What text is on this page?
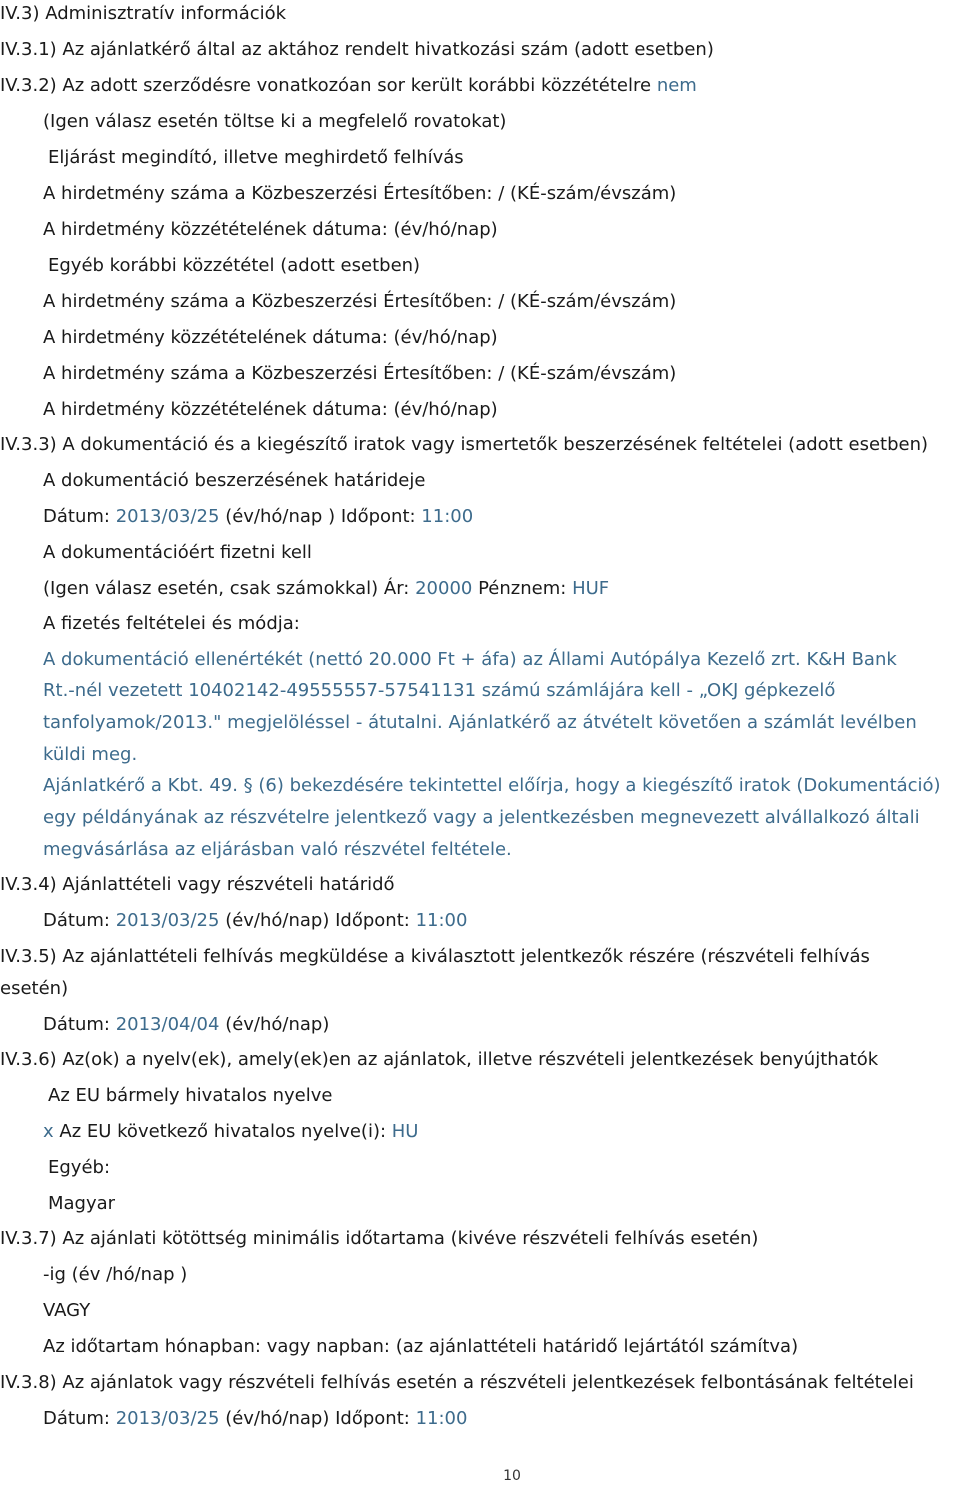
IV.3) Adminisztratív információk
IV.3.1) Az ajánlatkérő által az aktához rendelt hivatkozási szám (adott esetben)
IV.3.2) Az adott szerződésre vonatkozóan sor került korábbi közzétételre nem
(Igen válasz esetén töltse ki a megfelelő rovatokat)
Eljárást megindító, illetve meghirdető felhívás
A hirdetmény száma a Közbeszerzési Értesítőben: / (KÉ-szám/évszám)
A hirdetmény közzétételének dátuma: (év/hó/nap)
Egyéb korábbi közzététel (adott esetben)
A hirdetmény száma a Közbeszerzési Értesítőben: / (KÉ-szám/évszám)
A hirdetmény közzétételének dátuma: (év/hó/nap)
A hirdetmény száma a Közbeszerzési Értesítőben: / (KÉ-szám/évszám)
A hirdetmény közzétételének dátuma: (év/hó/nap)
IV.3.3) A dokumentáció és a kiegészítő iratok vagy ismertetők beszerzésének feltételei (adott esetben)
A dokumentáció beszerzésének határideje
Dátum: 2013/03/25 (év/hó/nap ) Időpont: 11:00
A dokumentációért fizetni kell
(Igen válasz esetén, csak számokkal) Ár: 20000 Pénznem: HUF
A fizetés feltételei és módja:
A dokumentáció ellenértékét (nettó 20.000 Ft + áfa) az Állami Autópálya Kezelő zrt. K&H Bank
Rt.-nél vezetett 10402142-49555557-57541131 számú számlájára kell - „OKJ gépkezelő
tanfolyamok/2013." megjelöléssel - átutalni. Ajánlatkérő az átvételt követően a számlát levélben
küldi meg.
Ajánlatkérő a Kbt. 49. § (6) bekezdésére tekintettel előírja, hogy a kiegészítő iratok (Dokumentáció)
egy példányának az részvételre jelentkező vagy a jelentkezésben megnevezett alvállalkozó általi
megvásárlása az eljárásban való részvétel feltétele.
IV.3.4) Ajánlattételi vagy részvételi határidő
Dátum: 2013/03/25 (év/hó/nap) Időpont: 11:00
IV.3.5) Az ajánlattételi felhívás megküldése a kiválasztott jelentkezők részére (részvételi felhívás
esetén)
Dátum: 2013/04/04 (év/hó/nap)
IV.3.6) Az(ok) a nyelv(ek), amely(ek)en az ajánlatok, illetve részvételi jelentkezések benyújthatók
Az EU bármely hivatalos nyelve
x Az EU következő hivatalos nyelve(i): HU
Egyéb:
Magyar
IV.3.7) Az ajánlati kötöttség minimális időtartama (kivéve részvételi felhívás esetén)
-ig (év /hó/nap )
VAGY
Az időtartam hónapban: vagy napban: (az ajánlattételi határidő lejártától számítva)
IV.3.8) Az ajánlatok vagy részvételi felhívás esetén a részvételi jelentkezések felbontásának feltételei
Dátum: 2013/03/25 (év/hó/nap) Időpont: 11:00
10
